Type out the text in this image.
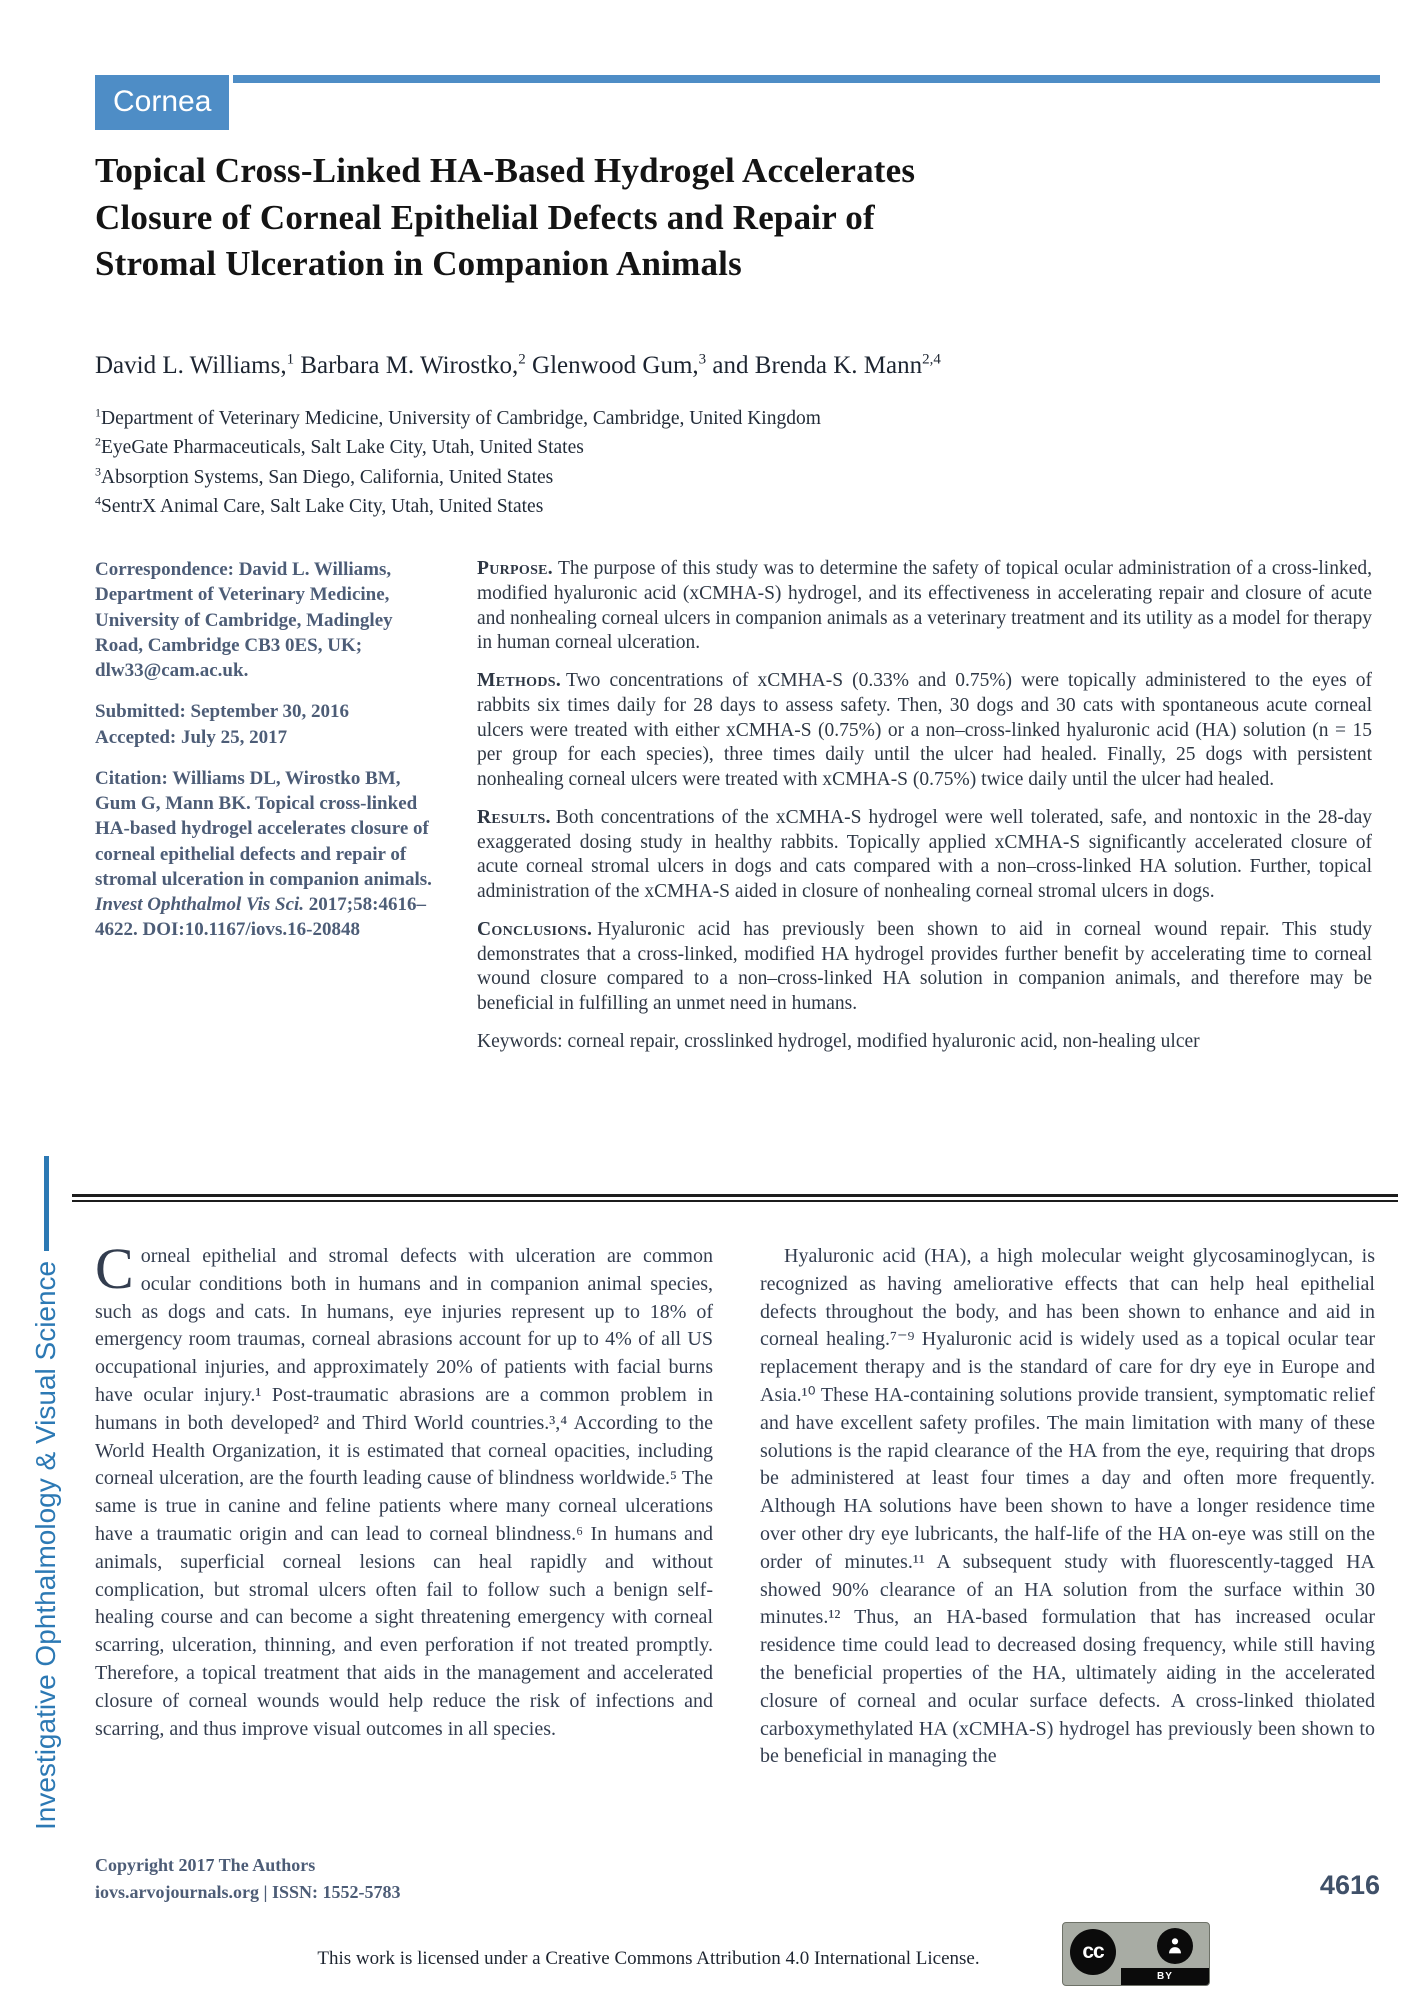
Cornea
Topical Cross-Linked HA-Based Hydrogel Accelerates
Closure of Corneal Epithelial Defects and Repair of
Stromal Ulceration in Companion Animals
David L. Williams,$^1$ Barbara M. Wirostko,$^2$ Glenwood Gum,$^3$ and Brenda K. Mann$^{2,4}$
$^1$Department of Veterinary Medicine, University of Cambridge, Cambridge, United Kingdom
$^2$EyeGate Pharmaceuticals, Salt Lake City, Utah, United States
$^3$Absorption Systems, San Diego, California, United States
$^4$SentrX Animal Care, Salt Lake City, Utah, United States

Correspondence: David L. Williams, Department of Veterinary Medicine, University of Cambridge, Madingley Road, Cambridge CB3 0ES, UK; dlw33@cam.ac.uk.

Submitted: September 30, 2016
Accepted: July 25, 2017

Citation: Williams DL, Wirostko BM, Gum G, Mann BK. Topical cross-linked HA-based hydrogel accelerates closure of corneal epithelial defects and repair of stromal ulceration in companion animals. Invest Ophthalmol Vis Sci. 2017;58:4616–4622. DOI:10.1167/iovs.16-20848

Purpose. The purpose of this study was to determine the safety of topical ocular administration of a cross-linked, modified hyaluronic acid (xCMHA-S) hydrogel, and its effectiveness in accelerating repair and closure of acute and nonhealing corneal ulcers in companion animals as a veterinary treatment and its utility as a model for therapy in human corneal ulceration.

Methods. Two concentrations of xCMHA-S (0.33% and 0.75%) were topically administered to the eyes of rabbits six times daily for 28 days to assess safety. Then, 30 dogs and 30 cats with spontaneous acute corneal ulcers were treated with either xCMHA-S (0.75%) or a non–cross-linked hyaluronic acid (HA) solution (n = 15 per group for each species), three times daily until the ulcer had healed. Finally, 25 dogs with persistent nonhealing corneal ulcers were treated with xCMHA-S (0.75%) twice daily until the ulcer had healed.

Results. Both concentrations of the xCMHA-S hydrogel were well tolerated, safe, and nontoxic in the 28-day exaggerated dosing study in healthy rabbits. Topically applied xCMHA-S significantly accelerated closure of acute corneal stromal ulcers in dogs and cats compared with a non–cross-linked HA solution. Further, topical administration of the xCMHA-S aided in closure of nonhealing corneal stromal ulcers in dogs.

Conclusions. Hyaluronic acid has previously been shown to aid in corneal wound repair. This study demonstrates that a cross-linked, modified HA hydrogel provides further benefit by accelerating time to corneal wound closure compared to a non–cross-linked HA solution in companion animals, and therefore may be beneficial in fulfilling an unmet need in humans.

Keywords: corneal repair, crosslinked hydrogel, modified hyaluronic acid, non-healing ulcer

Corneal epithelial and stromal defects with ulceration are common ocular conditions both in humans and in companion animal species, such as dogs and cats. In humans, eye injuries represent up to 18% of emergency room traumas, corneal abrasions account for up to 4% of all US occupational injuries, and approximately 20% of patients with facial burns have ocular injury.¹ Post-traumatic abrasions are a common problem in humans in both developed² and Third World countries.³,⁴ According to the World Health Organization, it is estimated that corneal opacities, including corneal ulceration, are the fourth leading cause of blindness worldwide.⁵ The same is true in canine and feline patients where many corneal ulcerations have a traumatic origin and can lead to corneal blindness.⁶ In humans and animals, superficial corneal lesions can heal rapidly and without complication, but stromal ulcers often fail to follow such a benign self-healing course and can become a sight threatening emergency with corneal scarring, ulceration, thinning, and even perforation if not treated promptly. Therefore, a topical treatment that aids in the management and accelerated closure of corneal wounds would help reduce the risk of infections and scarring, and thus improve visual outcomes in all species.

Hyaluronic acid (HA), a high molecular weight glycosaminoglycan, is recognized as having ameliorative effects that can help heal epithelial defects throughout the body, and has been shown to enhance and aid in corneal healing.⁷⁻⁹ Hyaluronic acid is widely used as a topical ocular tear replacement therapy and is the standard of care for dry eye in Europe and Asia.¹⁰ These HA-containing solutions provide transient, symptomatic relief and have excellent safety profiles. The main limitation with many of these solutions is the rapid clearance of the HA from the eye, requiring that drops be administered at least four times a day and often more frequently. Although HA solutions have been shown to have a longer residence time over other dry eye lubricants, the half-life of the HA on-eye was still on the order of minutes.¹¹ A subsequent study with fluorescently-tagged HA showed 90% clearance of an HA solution from the surface within 30 minutes.¹² Thus, an HA-based formulation that has increased ocular residence time could lead to decreased dosing frequency, while still having the beneficial properties of the HA, ultimately aiding in the accelerated closure of corneal and ocular surface defects. A cross-linked thiolated carboxymethylated HA (xCMHA-S) hydrogel has previously been shown to be beneficial in managing the

Investigative Ophthalmology & Visual Science
Copyright 2017 The Authors
iovs.arvojournals.org | ISSN: 1552-5783	4616
This work is licensed under a Creative Commons Attribution 4.0 International License.	cc
BY
